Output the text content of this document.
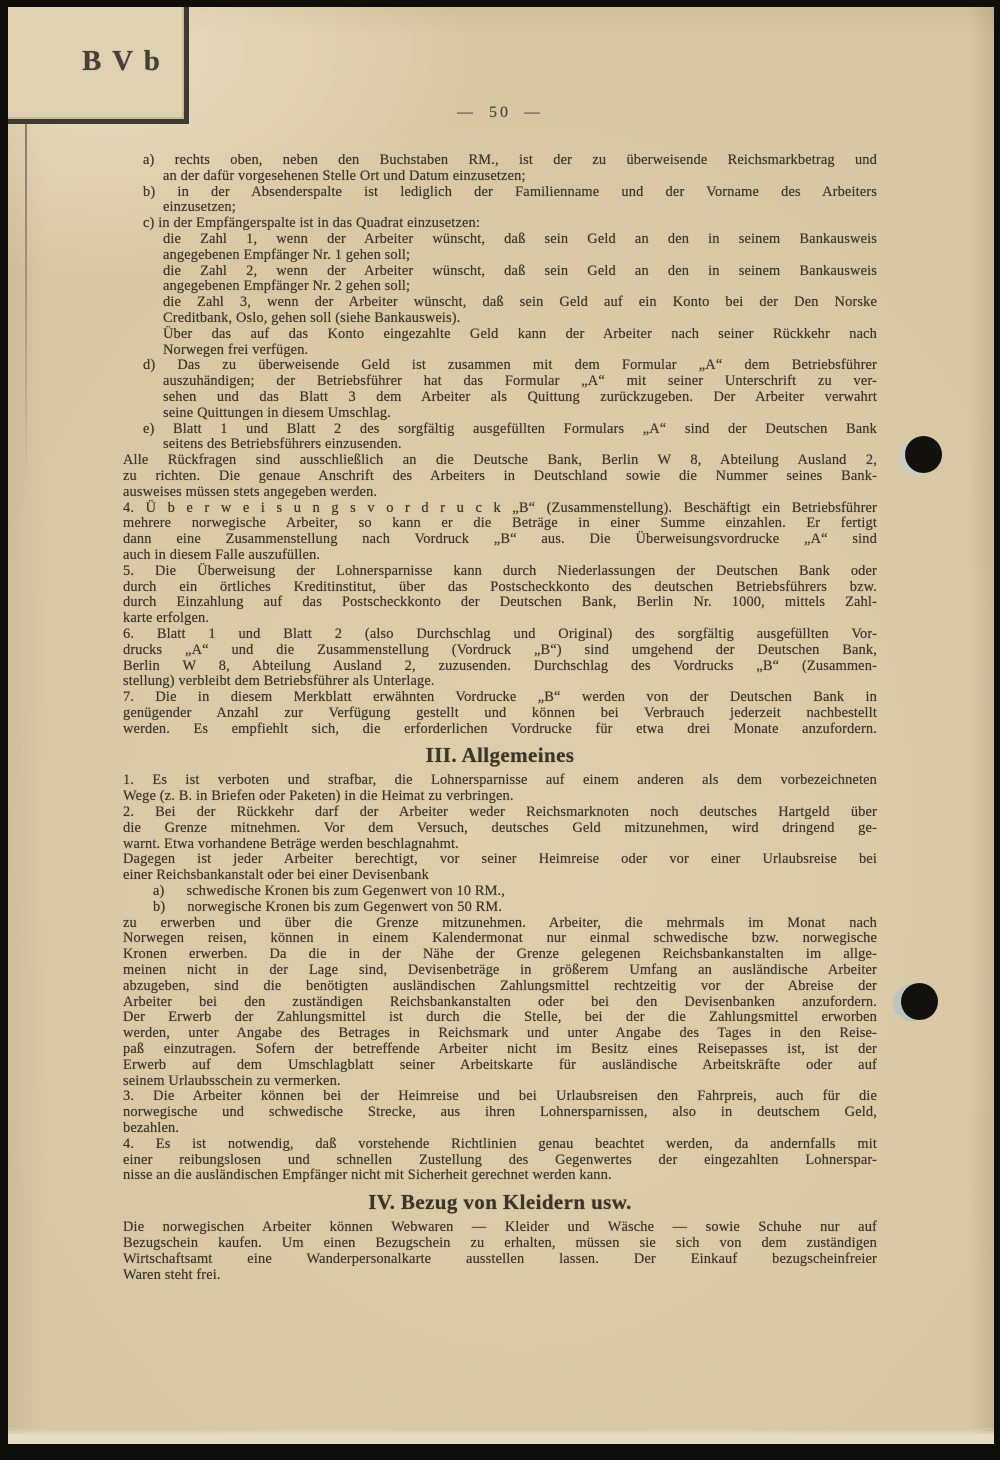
B V b
— 50 —
a) rechts oben, neben den Buchstaben RM., ist der zu überweisende Reichsmarkbetrag und
an der dafür vorgesehenen Stelle Ort und Datum einzusetzen;
b) in der Absenderspalte ist lediglich der Familienname und der Vorname des Arbeiters
einzusetzen;
c) in der Empfängerspalte ist in das Quadrat einzusetzen:
die Zahl 1, wenn der Arbeiter wünscht, daß sein Geld an den in seinem Bankausweis
angegebenen Empfänger Nr. 1 gehen soll;
die Zahl 2, wenn der Arbeiter wünscht, daß sein Geld an den in seinem Bankausweis
angegebenen Empfänger Nr. 2 gehen soll;
die Zahl 3, wenn der Arbeiter wünscht, daß sein Geld auf ein Konto bei der Den Norske
Creditbank, Oslo, gehen soll (siehe Bankausweis).
Über das auf das Konto eingezahlte Geld kann der Arbeiter nach seiner Rückkehr nach
Norwegen frei verfügen.
d) Das zu überweisende Geld ist zusammen mit dem Formular „A“ dem Betriebsführer
auszuhändigen; der Betriebsführer hat das Formular „A“ mit seiner Unterschrift zu ver-
sehen und das Blatt 3 dem Arbeiter als Quittung zurückzugeben. Der Arbeiter verwahrt
seine Quittungen in diesem Umschlag.
e) Blatt 1 und Blatt 2 des sorgfältig ausgefüllten Formulars „A“ sind der Deutschen Bank
seitens des Betriebsführers einzusenden.
Alle Rückfragen sind ausschließlich an die Deutsche Bank, Berlin W 8, Abteilung Ausland 2,
zu richten. Die genaue Anschrift des Arbeiters in Deutschland sowie die Nummer seines Bank-
ausweises müssen stets angegeben werden.
4. Ü b e r w e i s u n g s v o r d r u c k „B“ (Zusammenstellung). Beschäftigt ein Betriebsführer
mehrere norwegische Arbeiter, so kann er die Beträge in einer Summe einzahlen. Er fertigt
dann eine Zusammenstellung nach Vordruck „B“ aus. Die Überweisungsvordrucke „A“ sind
auch in diesem Falle auszufüllen.
5. Die Überweisung der Lohnersparnisse kann durch Niederlassungen der Deutschen Bank oder
durch ein örtliches Kreditinstitut, über das Postscheckkonto des deutschen Betriebsführers bzw.
durch Einzahlung auf das Postscheckkonto der Deutschen Bank, Berlin Nr. 1000, mittels Zahl-
karte erfolgen.
6. Blatt 1 und Blatt 2 (also Durchschlag und Original) des sorgfältig ausgefüllten Vor-
drucks „A“ und die Zusammenstellung (Vordruck „B“) sind umgehend der Deutschen Bank,
Berlin W 8, Abteilung Ausland 2, zuzusenden. Durchschlag des Vordrucks „B“ (Zusammen-
stellung) verbleibt dem Betriebsführer als Unterlage.
7. Die in diesem Merkblatt erwähnten Vordrucke „B“ werden von der Deutschen Bank in
genügender Anzahl zur Verfügung gestellt und können bei Verbrauch jederzeit nachbestellt
werden. Es empfiehlt sich, die erforderlichen Vordrucke für etwa drei Monate anzufordern.
III. Allgemeines
1. Es ist verboten und strafbar, die Lohnersparnisse auf einem anderen als dem vorbezeichneten
Wege (z. B. in Briefen oder Paketen) in die Heimat zu verbringen.
2. Bei der Rückkehr darf der Arbeiter weder Reichsmarknoten noch deutsches Hartgeld über
die Grenze mitnehmen. Vor dem Versuch, deutsches Geld mitzunehmen, wird dringend ge-
warnt. Etwa vorhandene Beträge werden beschlagnahmt.
Dagegen ist jeder Arbeiter berechtigt, vor seiner Heimreise oder vor einer Urlaubsreise bei
einer Reichsbankanstalt oder bei einer Devisenbank
a)   schwedische Kronen bis zum Gegenwert von 10 RM.,
b)   norwegische Kronen bis zum Gegenwert von 50 RM.
zu erwerben und über die Grenze mitzunehmen. Arbeiter, die mehrmals im Monat nach
Norwegen reisen, können in einem Kalendermonat nur einmal schwedische bzw. norwegische
Kronen erwerben. Da die in der Nähe der Grenze gelegenen Reichsbankanstalten im allge-
meinen nicht in der Lage sind, Devisenbeträge in größerem Umfang an ausländische Arbeiter
abzugeben, sind die benötigten ausländischen Zahlungsmittel rechtzeitig vor der Abreise der
Arbeiter bei den zuständigen Reichsbankanstalten oder bei den Devisenbanken anzufordern.
Der Erwerb der Zahlungsmittel ist durch die Stelle, bei der die Zahlungsmittel erworben
werden, unter Angabe des Betrages in Reichsmark und unter Angabe des Tages in den Reise-
paß einzutragen. Sofern der betreffende Arbeiter nicht im Besitz eines Reisepasses ist, ist der
Erwerb auf dem Umschlagblatt seiner Arbeitskarte für ausländische Arbeitskräfte oder auf
seinem Urlaubsschein zu vermerken.
3. Die Arbeiter können bei der Heimreise und bei Urlaubsreisen den Fahrpreis, auch für die
norwegische und schwedische Strecke, aus ihren Lohnersparnissen, also in deutschem Geld,
bezahlen.
4. Es ist notwendig, daß vorstehende Richtlinien genau beachtet werden, da andernfalls mit
einer reibungslosen und schnellen Zustellung des Gegenwertes der eingezahlten Lohnerspar-
nisse an die ausländischen Empfänger nicht mit Sicherheit gerechnet werden kann.
IV. Bezug von Kleidern usw.
Die norwegischen Arbeiter können Webwaren — Kleider und Wäsche — sowie Schuhe nur auf
Bezugschein kaufen. Um einen Bezugschein zu erhalten, müssen sie sich von dem zuständigen
Wirtschaftsamt eine Wanderpersonalkarte ausstellen lassen. Der Einkauf bezugscheinfreier
Waren steht frei.
